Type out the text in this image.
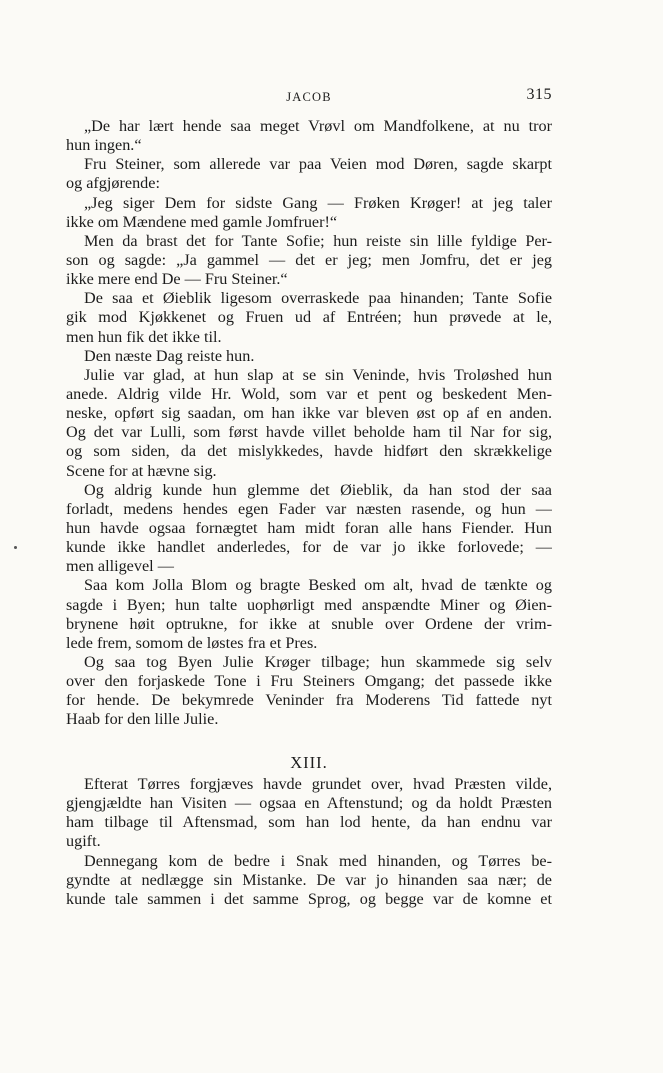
JACOB	315
„De har lært hende saa meget Vrøvl om Mandfolkene, at nu tror
hun ingen.“
Fru Steiner, som allerede var paa Veien mod Døren, sagde skarpt
og afgjørende:
„Jeg siger Dem for sidste Gang — Frøken Krøger! at jeg taler
ikke om Mændene med gamle Jomfruer!“
Men da brast det for Tante Sofie; hun reiste sin lille fyldige Per-
son og sagde: „Ja gammel — det er jeg; men Jomfru, det er jeg
ikke mere end De — Fru Steiner.“
De saa et Øieblik ligesom overraskede paa hinanden; Tante Sofie
gik mod Kjøkkenet og Fruen ud af Entréen; hun prøvede at le,
men hun fik det ikke til.
Den næste Dag reiste hun.
Julie var glad, at hun slap at se sin Veninde, hvis Troløshed hun
anede. Aldrig vilde Hr. Wold, som var et pent og beskedent Men-
neske, opført sig saadan, om han ikke var bleven øst op af en anden.
Og det var Lulli, som først havde villet beholde ham til Nar for sig,
og som siden, da det mislykkedes, havde hidført den skrækkelige
Scene for at hævne sig.
Og aldrig kunde hun glemme det Øieblik, da han stod der saa
forladt, medens hendes egen Fader var næsten rasende, og hun —
hun havde ogsaa fornægtet ham midt foran alle hans Fiender. Hun
kunde ikke handlet anderledes, for de var jo ikke forlovede; —
men alligevel —
Saa kom Jolla Blom og bragte Besked om alt, hvad de tænkte og
sagde i Byen; hun talte uophørligt med anspændte Miner og Øien-
brynene høit optrukne, for ikke at snuble over Ordene der vrim-
lede frem, somom de løstes fra et Pres.
Og saa tog Byen Julie Krøger tilbage; hun skammede sig selv
over den forjaskede Tone i Fru Steiners Omgang; det passede ikke
for hende. De bekymrede Veninder fra Moderens Tid fattede nyt
Haab for den lille Julie.
XIII.
Efterat Tørres forgjæves havde grundet over, hvad Præsten vilde,
gjengjældte han Visiten — ogsaa en Aftenstund; og da holdt Præsten
ham tilbage til Aftensmad, som han lod hente, da han endnu var
ugift.
Dennegang kom de bedre i Snak med hinanden, og Tørres be-
gyndte at nedlægge sin Mistanke. De var jo hinanden saa nær; de
kunde tale sammen i det samme Sprog, og begge var de komne et
